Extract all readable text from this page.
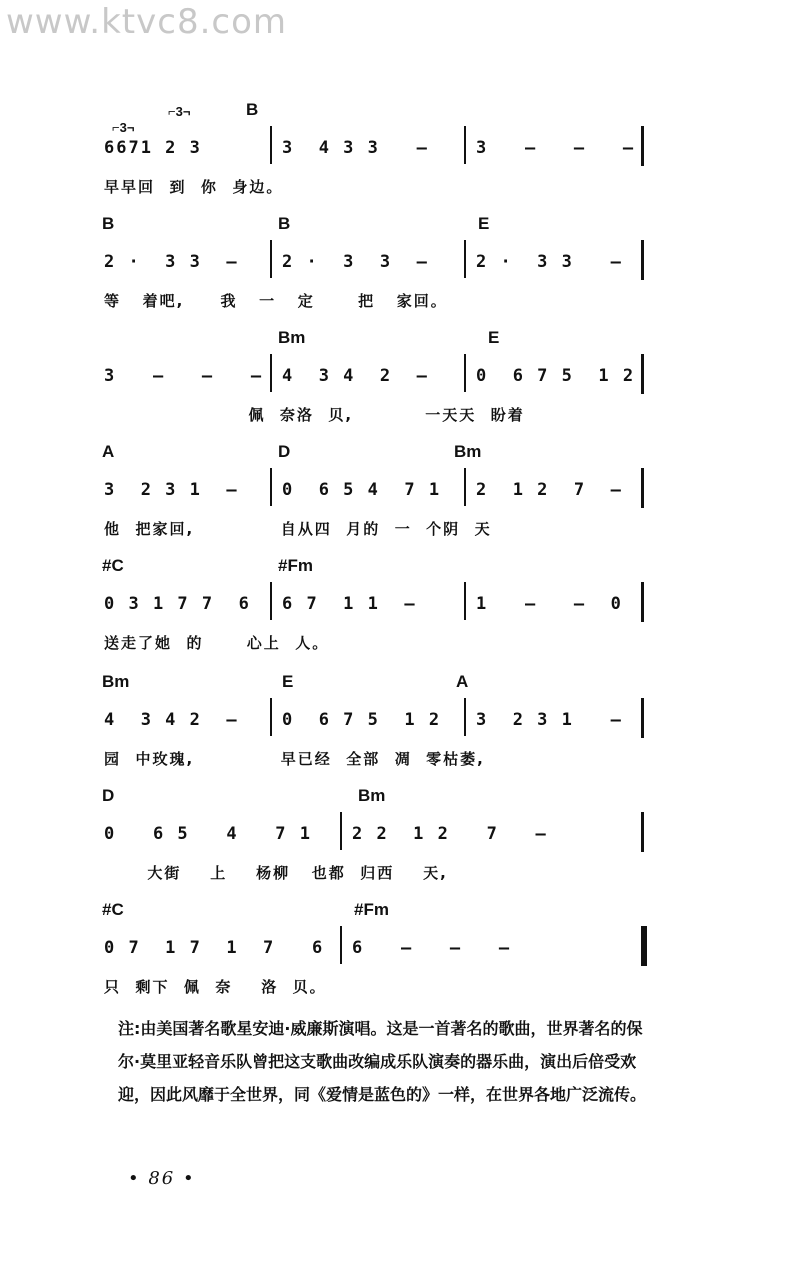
www.ktvc8.com
B
⌐3¬
⌐3¬
6671 2 3	3  4 3 3   —	3   —   —   —
早早回  到  你  身边。
B	B	E
2 ·  3 3  —	2 ·  3  3  —	2 ·  3 3   —
等   着吧,     我   一   定      把   家回。
Bm	E
3   —   —   — 4  3 4  2  —	0  6 7 5  1 2
佩  奈洛  贝,          一天天  盼着
A	D	Bm
3  2 3 1  —	0  6 5 4  7 1 2  1 2  7  —
他  把家回,            自从四  月的  一  个阴  天
#C	#Fm
0 3 1 7 7  6 6 7  1 1  —	1   —   —  0
送走了她  的      心上  人。
Bm	E	A
4  3 4 2  —	0  6 7 5  1 2 3  2 3 1   —
园  中玫瑰,            早已经  全部  凋  零枯萎,
D	Bm
0   6 5   4   7 1 2 2  1 2   7   —
大街    上    杨柳   也都  归西    天,
#C	#Fm
0 7  1 7  1  7   6 6   —   —   —
只  剩下  佩  奈    洛  贝。
注:由美国著名歌星安迪·威廉斯演唱。这是一首著名的歌曲，世界著名的保尔·莫里亚轻音乐队曾把这支歌曲改编成乐队演奏的器乐曲，演出后倍受欢迎，因此风靡于全世界，同《爱情是蓝色的》一样，在世界各地广泛流传。
• 86 •
